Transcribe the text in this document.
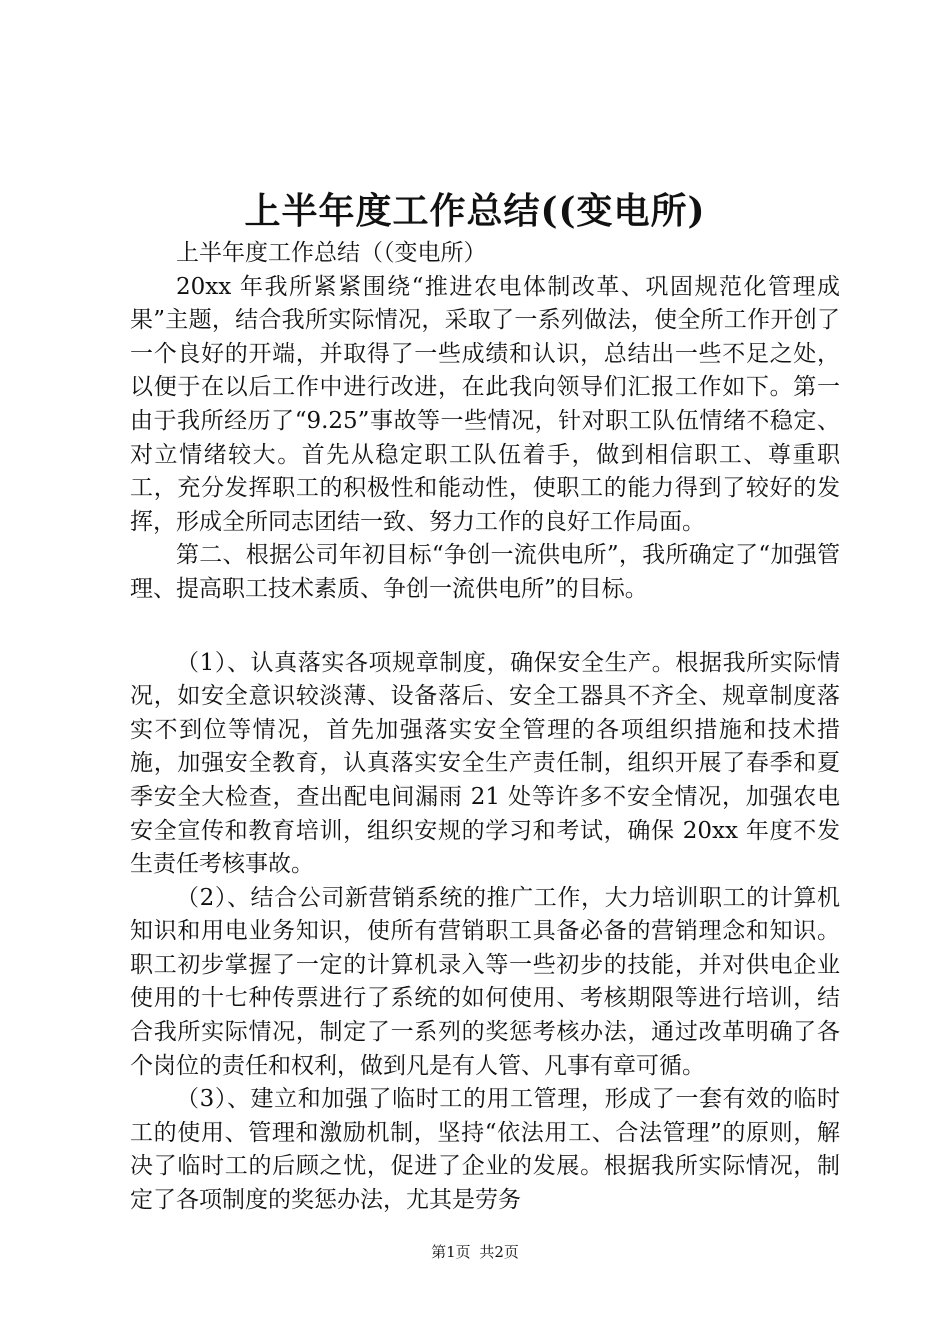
上半年度工作总结((变电所)

上半年度工作总结（（变电所）

20xx 年我所紧紧围绕“推进农电体制改革、巩固规范化管理成果”主题，结合我所实际情况，采取了一系列做法，使全所工作开创了一个良好的开端，并取得了一些成绩和认识，总结出一些不足之处，以便于在以后工作中进行改进，在此我向领导们汇报工作如下。第一由于我所经历了“9.25”事故等一些情况，针对职工队伍情绪不稳定、对立情绪较大。首先从稳定职工队伍着手，做到相信职工、尊重职工，充分发挥职工的积极性和能动性，使职工的能力得到了较好的发挥，形成全所同志团结一致、努力工作的良好工作局面。

第二、根据公司年初目标“争创一流供电所”，我所确定了“加强管理、提高职工技术素质、争创一流供电所”的目标。

（1）、认真落实各项规章制度，确保安全生产。根据我所实际情况，如安全意识较淡薄、设备落后、安全工器具不齐全、规章制度落实不到位等情况，首先加强落实安全管理的各项组织措施和技术措施，加强安全教育，认真落实安全生产责任制，组织开展了春季和夏季安全大检查，查出配电间漏雨 21 处等许多不安全情况，加强农电安全宣传和教育培训，组织安规的学习和考试，确保 20xx 年度不发生责任考核事故。

（2）、结合公司新营销系统的推广工作，大力培训职工的计算机知识和用电业务知识，使所有营销职工具备必备的营销理念和知识。职工初步掌握了一定的计算机录入等一些初步的技能，并对供电企业使用的十七种传票进行了系统的如何使用、考核期限等进行培训，结合我所实际情况，制定了一系列的奖惩考核办法，通过改革明确了各个岗位的责任和权利，做到凡是有人管、凡事有章可循。

（3）、建立和加强了临时工的用工管理，形成了一套有效的临时工的使用、管理和激励机制，坚持“依法用工、合法管理”的原则，解决了临时工的后顾之忧，促进了企业的发展。根据我所实际情况，制定了各项制度的奖惩办法，尤其是劳务

第1页 共2页
